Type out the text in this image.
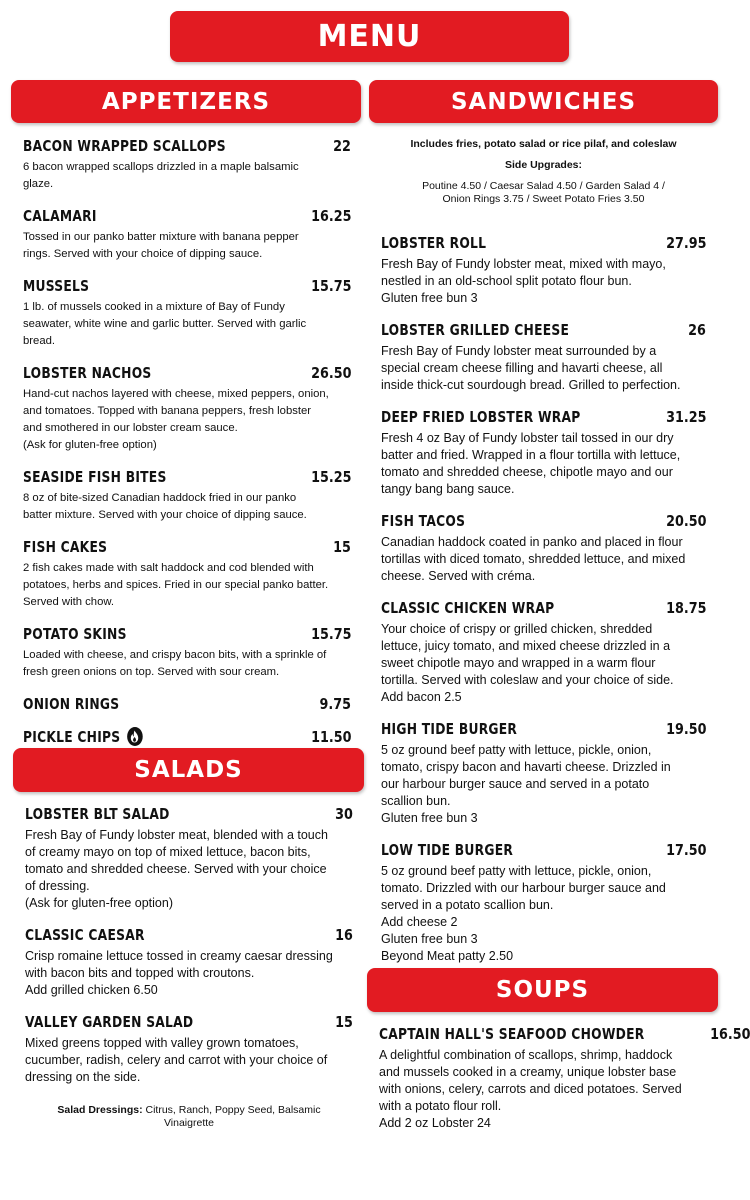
MENU
APPETIZERS	SANDWICHES
SALADS
SOUPS
BACON WRAPPED SCALLOPS	22
6 bacon wrapped scallops drizzled in a maple balsamic
glaze.
CALAMARI	16.25
Tossed in our panko batter mixture with banana pepper
rings. Served with your choice of dipping sauce.
MUSSELS	15.75
1 lb. of mussels cooked in a mixture of Bay of Fundy
seawater, white wine and garlic butter. Served with garlic
bread.
LOBSTER NACHOS	26.50
Hand-cut nachos layered with cheese, mixed peppers, onion,
and tomatoes. Topped with banana peppers, fresh lobster
and smothered in our lobster cream sauce.
(Ask for gluten-free option)
SEASIDE FISH BITES	15.25
8 oz of bite-sized Canadian haddock fried in our panko
batter mixture. Served with your choice of dipping sauce.
FISH CAKES	15
2 fish cakes made with salt haddock and cod blended with
potatoes, herbs and spices. Fried in our special panko batter.
Served with chow.
POTATO SKINS	15.75
Loaded with cheese, and crispy bacon bits, with a sprinkle of
fresh green onions on top. Served with sour cream.
ONION RINGS	9.75
PICKLE CHIPS	11.50
LOBSTER BLT SALAD	30
Fresh Bay of Fundy lobster meat, blended with a touch
of creamy mayo on top of mixed lettuce, bacon bits,
tomato and shredded cheese. Served with your choice
of dressing.
(Ask for gluten-free option)
CLASSIC CAESAR	16
Crisp romaine lettuce tossed in creamy caesar dressing
with bacon bits and topped with croutons.
Add grilled chicken 6.50
VALLEY GARDEN SALAD	15
Mixed greens topped with valley grown tomatoes,
cucumber, radish, celery and carrot with your choice of
dressing on the side.
Salad Dressings: Citrus, Ranch, Poppy Seed, Balsamic
Vinaigrette
Includes fries, potato salad or rice pilaf, and coleslaw
Side Upgrades:
Poutine 4.50 / Caesar Salad 4.50 / Garden Salad 4 /
Onion Rings 3.75 / Sweet Potato Fries 3.50
LOBSTER ROLL	27.95
Fresh Bay of Fundy lobster meat, mixed with mayo,
nestled in an old-school split potato flour bun.
Gluten free bun 3
LOBSTER GRILLED CHEESE	26
Fresh Bay of Fundy lobster meat surrounded by a
special cream cheese filling and havarti cheese, all
inside thick-cut sourdough bread. Grilled to perfection.
DEEP FRIED LOBSTER WRAP	31.25
Fresh 4 oz Bay of Fundy lobster tail tossed in our dry
batter and fried. Wrapped in a flour tortilla with lettuce,
tomato and shredded cheese, chipotle mayo and our
tangy bang bang sauce.
FISH TACOS	20.50
Canadian haddock coated in panko and placed in flour
tortillas with diced tomato, shredded lettuce, and mixed
cheese. Served with créma.
CLASSIC CHICKEN WRAP	18.75
Your choice of crispy or grilled chicken, shredded
lettuce, juicy tomato, and mixed cheese drizzled in a
sweet chipotle mayo and wrapped in a warm flour
tortilla. Served with coleslaw and your choice of side.
Add bacon 2.5
HIGH TIDE BURGER	19.50
5 oz ground beef patty with lettuce, pickle, onion,
tomato, crispy bacon and havarti cheese. Drizzled in
our harbour burger sauce and served in a potato
scallion bun.
Gluten free bun 3
LOW TIDE BURGER	17.50
5 oz ground beef patty with lettuce, pickle, onion,
tomato. Drizzled with our harbour burger sauce and
served in a potato scallion bun.
Add cheese 2
Gluten free bun 3
Beyond Meat patty 2.50
CAPTAIN HALL'S SEAFOOD CHOWDER	16.50
A delightful combination of scallops, shrimp, haddock
and mussels cooked in a creamy, unique lobster base
with onions, celery, carrots and diced potatoes. Served
with a potato flour roll.
Add 2 oz Lobster 24
